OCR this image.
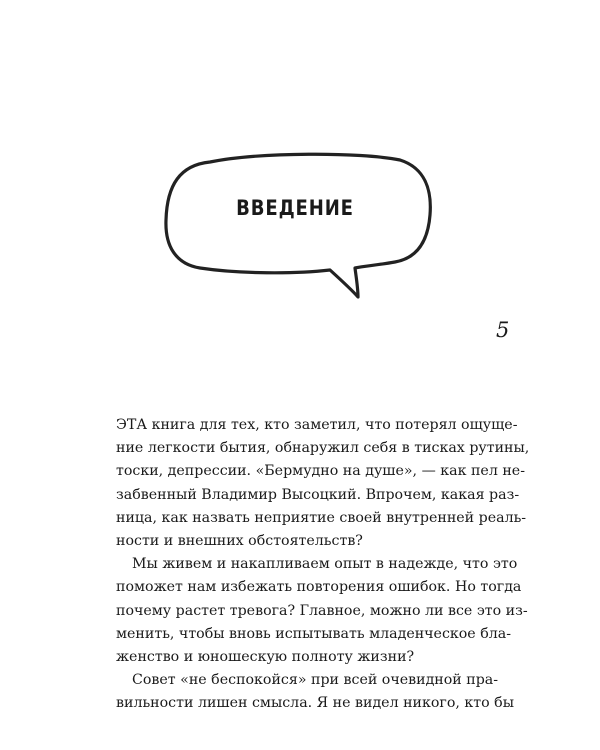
ВВЕДЕНИЕ
5
ЭТА книга для тех, кто заметил, что потерял ощуще-
ние легкости бытия, обнаружил себя в тисках рутины,
тоски, депрессии. «Бермудно на душе», — как пел не-
забвенный Владимир Высоцкий. Впрочем, какая раз-
ница, как назвать неприятие своей внутренней реаль-
ности и внешних обстоятельств?
Мы живем и накапливаем опыт в надежде, что это
поможет нам избежать повторения ошибок. Но тогда
почему растет тревога? Главное, можно ли все это из-
менить, чтобы вновь испытывать младенческое бла-
женство и юношескую полноту жизни?
Совет «не беспокойся» при всей очевидной пра-
вильности лишен смысла. Я не видел никого, кто бы
